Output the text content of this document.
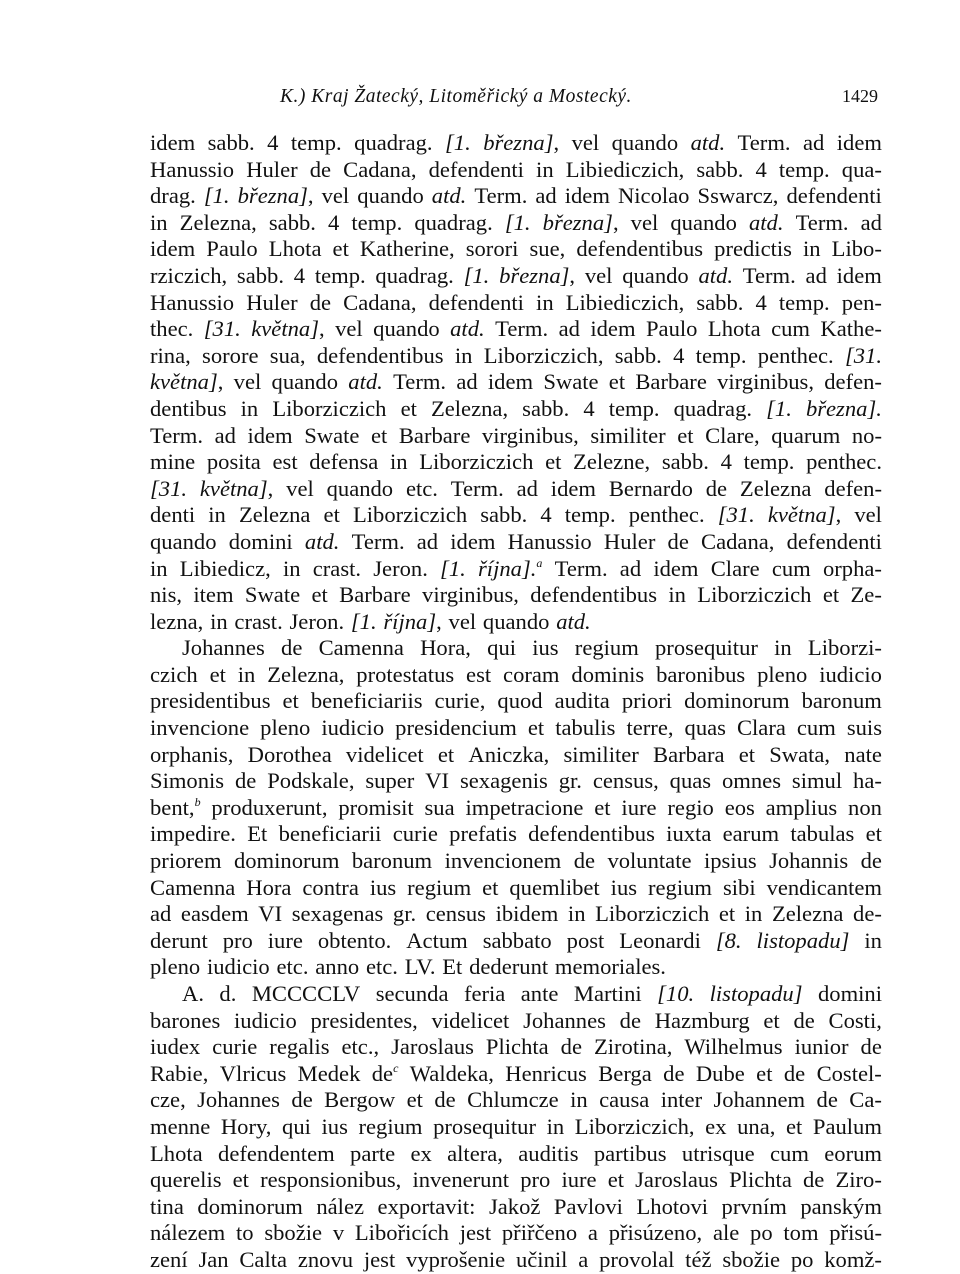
K.) Kraj Žatecký, Litoměřický a Mostecký.	1429
idem sabb. 4 temp. quadrag. [1. března], vel quando atd. Term. ad idem
Hanussio Huler de Cadana, defendenti in Libiediczich, sabb. 4 temp. qua-
drag. [1. března], vel quando atd. Term. ad idem Nicolao Sswarcz, defendenti
in Zelezna, sabb. 4 temp. quadrag. [1. března], vel quando atd. Term. ad
idem Paulo Lhota et Katherine, sorori sue, defendentibus predictis in Libo-
rziczich, sabb. 4 temp. quadrag. [1. března], vel quando atd. Term. ad idem
Hanussio Huler de Cadana, defendenti in Libiediczich, sabb. 4 temp. pen-
thec. [31. května], vel quando atd. Term. ad idem Paulo Lhota cum Kathe-
rina, sorore sua, defendentibus in Liborziczich, sabb. 4 temp. penthec. [31.
května], vel quando atd. Term. ad idem Swate et Barbare virginibus, defen-
dentibus in Liborziczich et Zelezna, sabb. 4 temp. quadrag. [1. března].
Term. ad idem Swate et Barbare virginibus, similiter et Clare, quarum no-
mine posita est defensa in Liborziczich et Zelezne, sabb. 4 temp. penthec.
[31. května], vel quando etc. Term. ad idem Bernardo de Zelezna defen-
denti in Zelezna et Liborziczich sabb. 4 temp. penthec. [31. května], vel
quando domini atd. Term. ad idem Hanussio Huler de Cadana, defendenti
in Libiedicz, in crast. Jeron. [1. října].$^a$ Term. ad idem Clare cum orpha-
nis, item Swate et Barbare virginibus, defendentibus in Liborziczich et Ze-
lezna, in crast. Jeron. [1. října], vel quando atd.
Johannes de Camenna Hora, qui ius regium prosequitur in Liborzi-
czich et in Zelezna, protestatus est coram dominis baronibus pleno iudicio
presidentibus et beneficiariis curie, quod audita priori dominorum baronum
invencione pleno iudicio presidencium et tabulis terre, quas Clara cum suis
orphanis, Dorothea videlicet et Aniczka, similiter Barbara et Swata, nate
Simonis de Podskale, super VI sexagenis gr. census, quas omnes simul ha-
bent,$^b$ produxerunt, promisit sua impetracione et iure regio eos amplius non
impedire. Et beneficiarii curie prefatis defendentibus iuxta earum tabulas et
priorem dominorum baronum invencionem de voluntate ipsius Johannis de
Camenna Hora contra ius regium et quemlibet ius regium sibi vendicantem
ad easdem VI sexagenas gr. census ibidem in Liborziczich et in Zelezna de-
derunt pro iure obtento. Actum sabbato post Leonardi [8. listopadu] in
pleno iudicio etc. anno etc. LV. Et dederunt memoriales.
A. d. MCCCCLV secunda feria ante Martini [10. listopadu] domini
barones iudicio presidentes, videlicet Johannes de Hazmburg et de Costi,
iudex curie regalis etc., Jaroslaus Plichta de Zirotina, Wilhelmus iunior de
Rabie, Vlricus Medek $de^c$ Waldeka, Henricus Berga de Dube et de Costel-
cze, Johannes de Bergow et de Chlumcze in causa inter Johannem de Ca-
menne Hory, qui ius regium prosequitur in Liborziczich, ex una, et Paulum
Lhota defendentem parte ex altera, auditis partibus utrisque cum eorum
querelis et responsionibus, invenerunt pro iure et Jaroslaus Plichta de Ziro-
tina dominorum nález exportavit: Jakož Pavlovi Lhotovi prvním panským
nálezem to sbožie v Libořicích jest přiřčeno a přisúzeno, ale po tom přisú-
zení Jan Calta znovu jest vyprošenie učinil a provolal též sbožie po komž-
